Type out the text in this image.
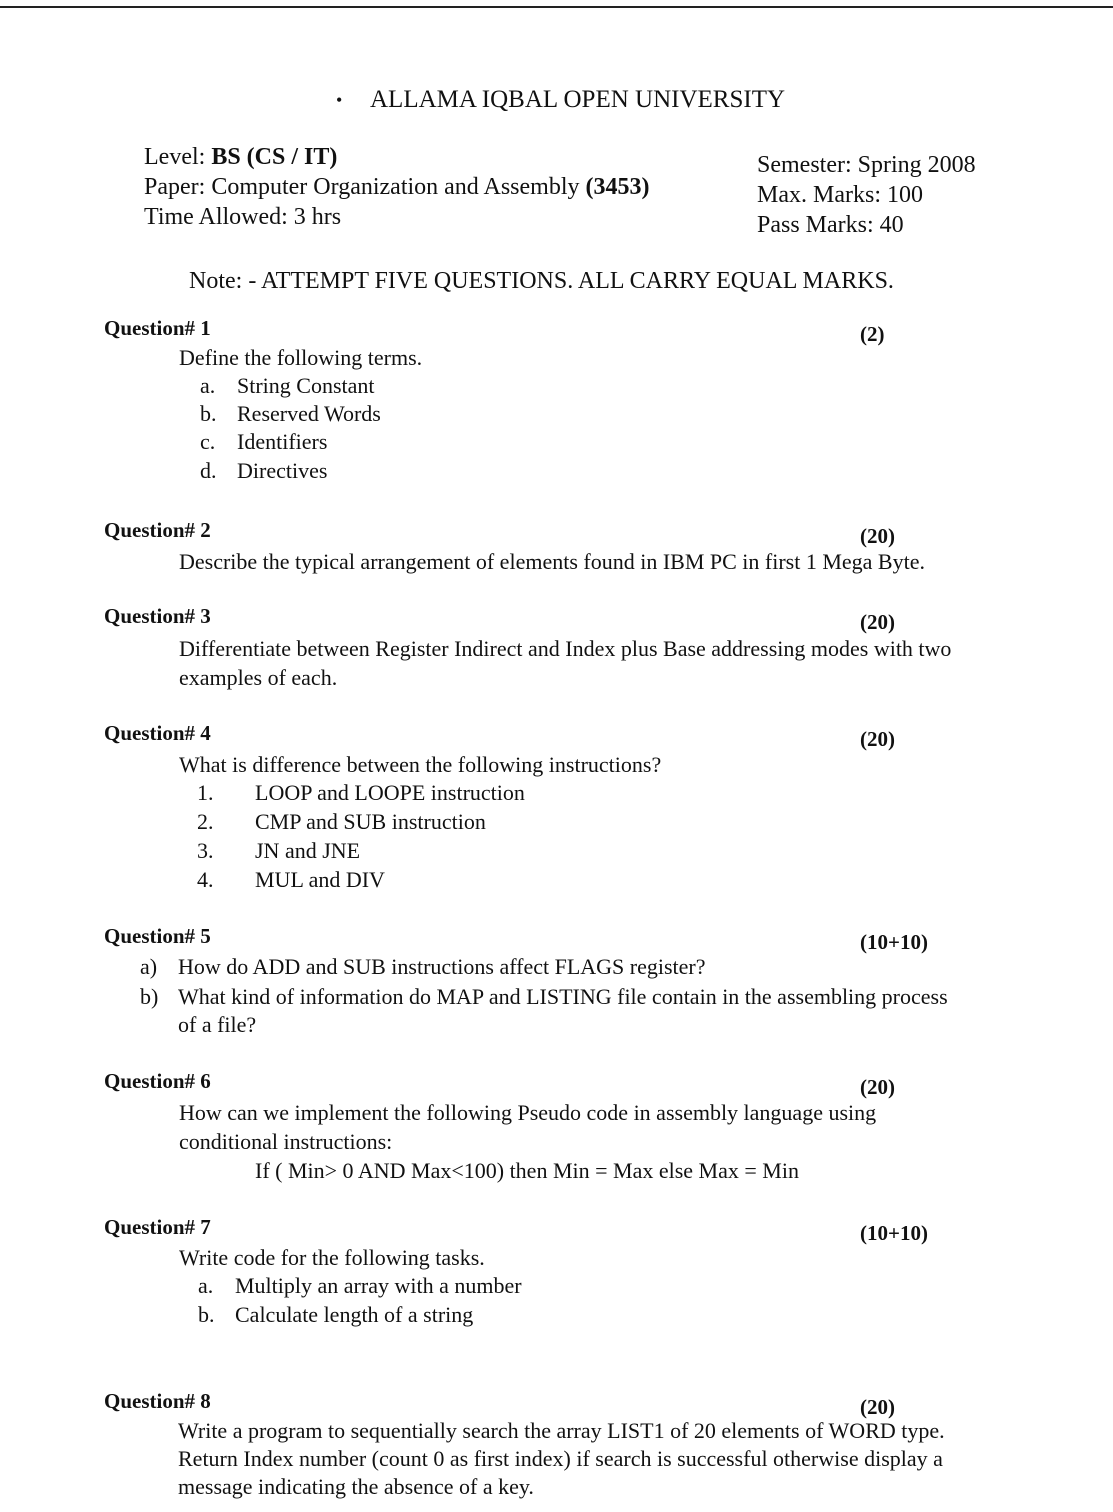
• ALLAMA IQBAL OPEN UNIVERSITY
Level: BS (CS / IT)
Paper: Computer Organization and Assembly (3453)
Time Allowed: 3 hrs
Semester: Spring 2008
Max. Marks: 100
Pass Marks: 40
Note: - ATTEMPT FIVE QUESTIONS. ALL CARRY EQUAL MARKS.
Question# 1	(2)
Define the following terms.
a. String Constant
b. Reserved Words
c. Identifiers
d. Directives
Question# 2	(20)
Describe the typical arrangement of elements found in IBM PC in first 1 Mega Byte.
Question# 3	(20)
Differentiate between Register Indirect and Index plus Base addressing modes with two
examples of each.
Question# 4	(20)
What is difference between the following instructions?
1. LOOP and LOOPE instruction
2. CMP and SUB instruction
3. JN and JNE
4. MUL and DIV
Question# 5	(10+10)
a) How do ADD and SUB instructions affect FLAGS register?
b) What kind of information do MAP and LISTING file contain in the assembling process
of a file?
Question# 6	(20)
How can we implement the following Pseudo code in assembly language using
conditional instructions:
If ( Min> 0 AND Max<100) then Min = Max else Max = Min
Question# 7	(10+10)
Write code for the following tasks.
a. Multiply an array with a number
b. Calculate length of a string
Question# 8	(20)
Write a program to sequentially search the array LIST1 of 20 elements of WORD type.
Return Index number (count 0 as first index) if search is successful otherwise display a
message indicating the absence of a key.
